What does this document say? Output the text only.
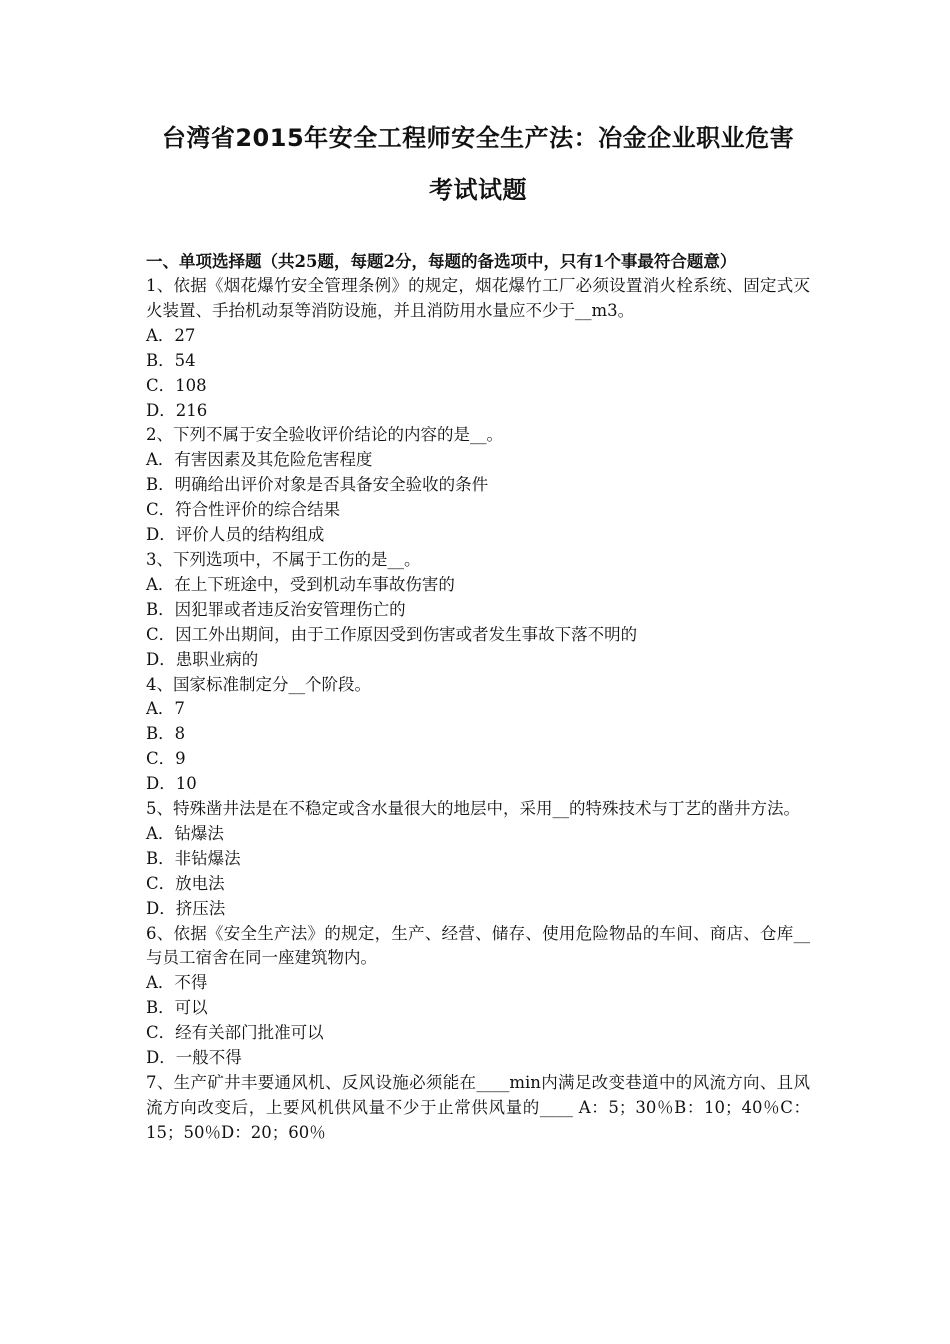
台湾省2015年安全工程师安全生产法：冶金企业职业危害
考试试题
一、单项选择题（共25题，每题2分，每题的备选项中，只有1个事最符合题意）

1、依据《烟花爆竹安全管理条例》的规定，烟花爆竹工厂必须设置消火栓系统、固定式灭火装置、手抬机动泵等消防设施，并且消防用水量应不少于__m3。

A．27

B．54

C．108

D．216

2、下列不属于安全验收评价结论的内容的是__。

A．有害因素及其危险危害程度

B．明确给出评价对象是否具备安全验收的条件

C．符合性评价的综合结果

D．评价人员的结构组成

3、下列选项中，不属于工伤的是__。

A．在上下班途中，受到机动车事故伤害的

B．因犯罪或者违反治安管理伤亡的

C．因工外出期间，由于工作原因受到伤害或者发生事故下落不明的

D．患职业病的

4、国家标准制定分__个阶段。

A．7

B．8

C．9

D．10

5、特殊凿井法是在不稳定或含水量很大的地层中，采用__的特殊技术与丁艺的凿井方法。

A．钻爆法

B．非钻爆法

C．放电法

D．挤压法

6、依据《安全生产法》的规定，生产、经营、储存、使用危险物品的车间、商店、仓库__与员工宿舍在同一座建筑物内。

A．不得

B．可以

C．经有关部门批准可以

D．一般不得

7、生产矿井丰要通风机、反风设施必须能在____min内满足改变巷道中的风流方向、且风流方向改变后，上要风机供风量不少于止常供风量的____ A：5；30％B：10；40％C：15；50％D：20；60％
